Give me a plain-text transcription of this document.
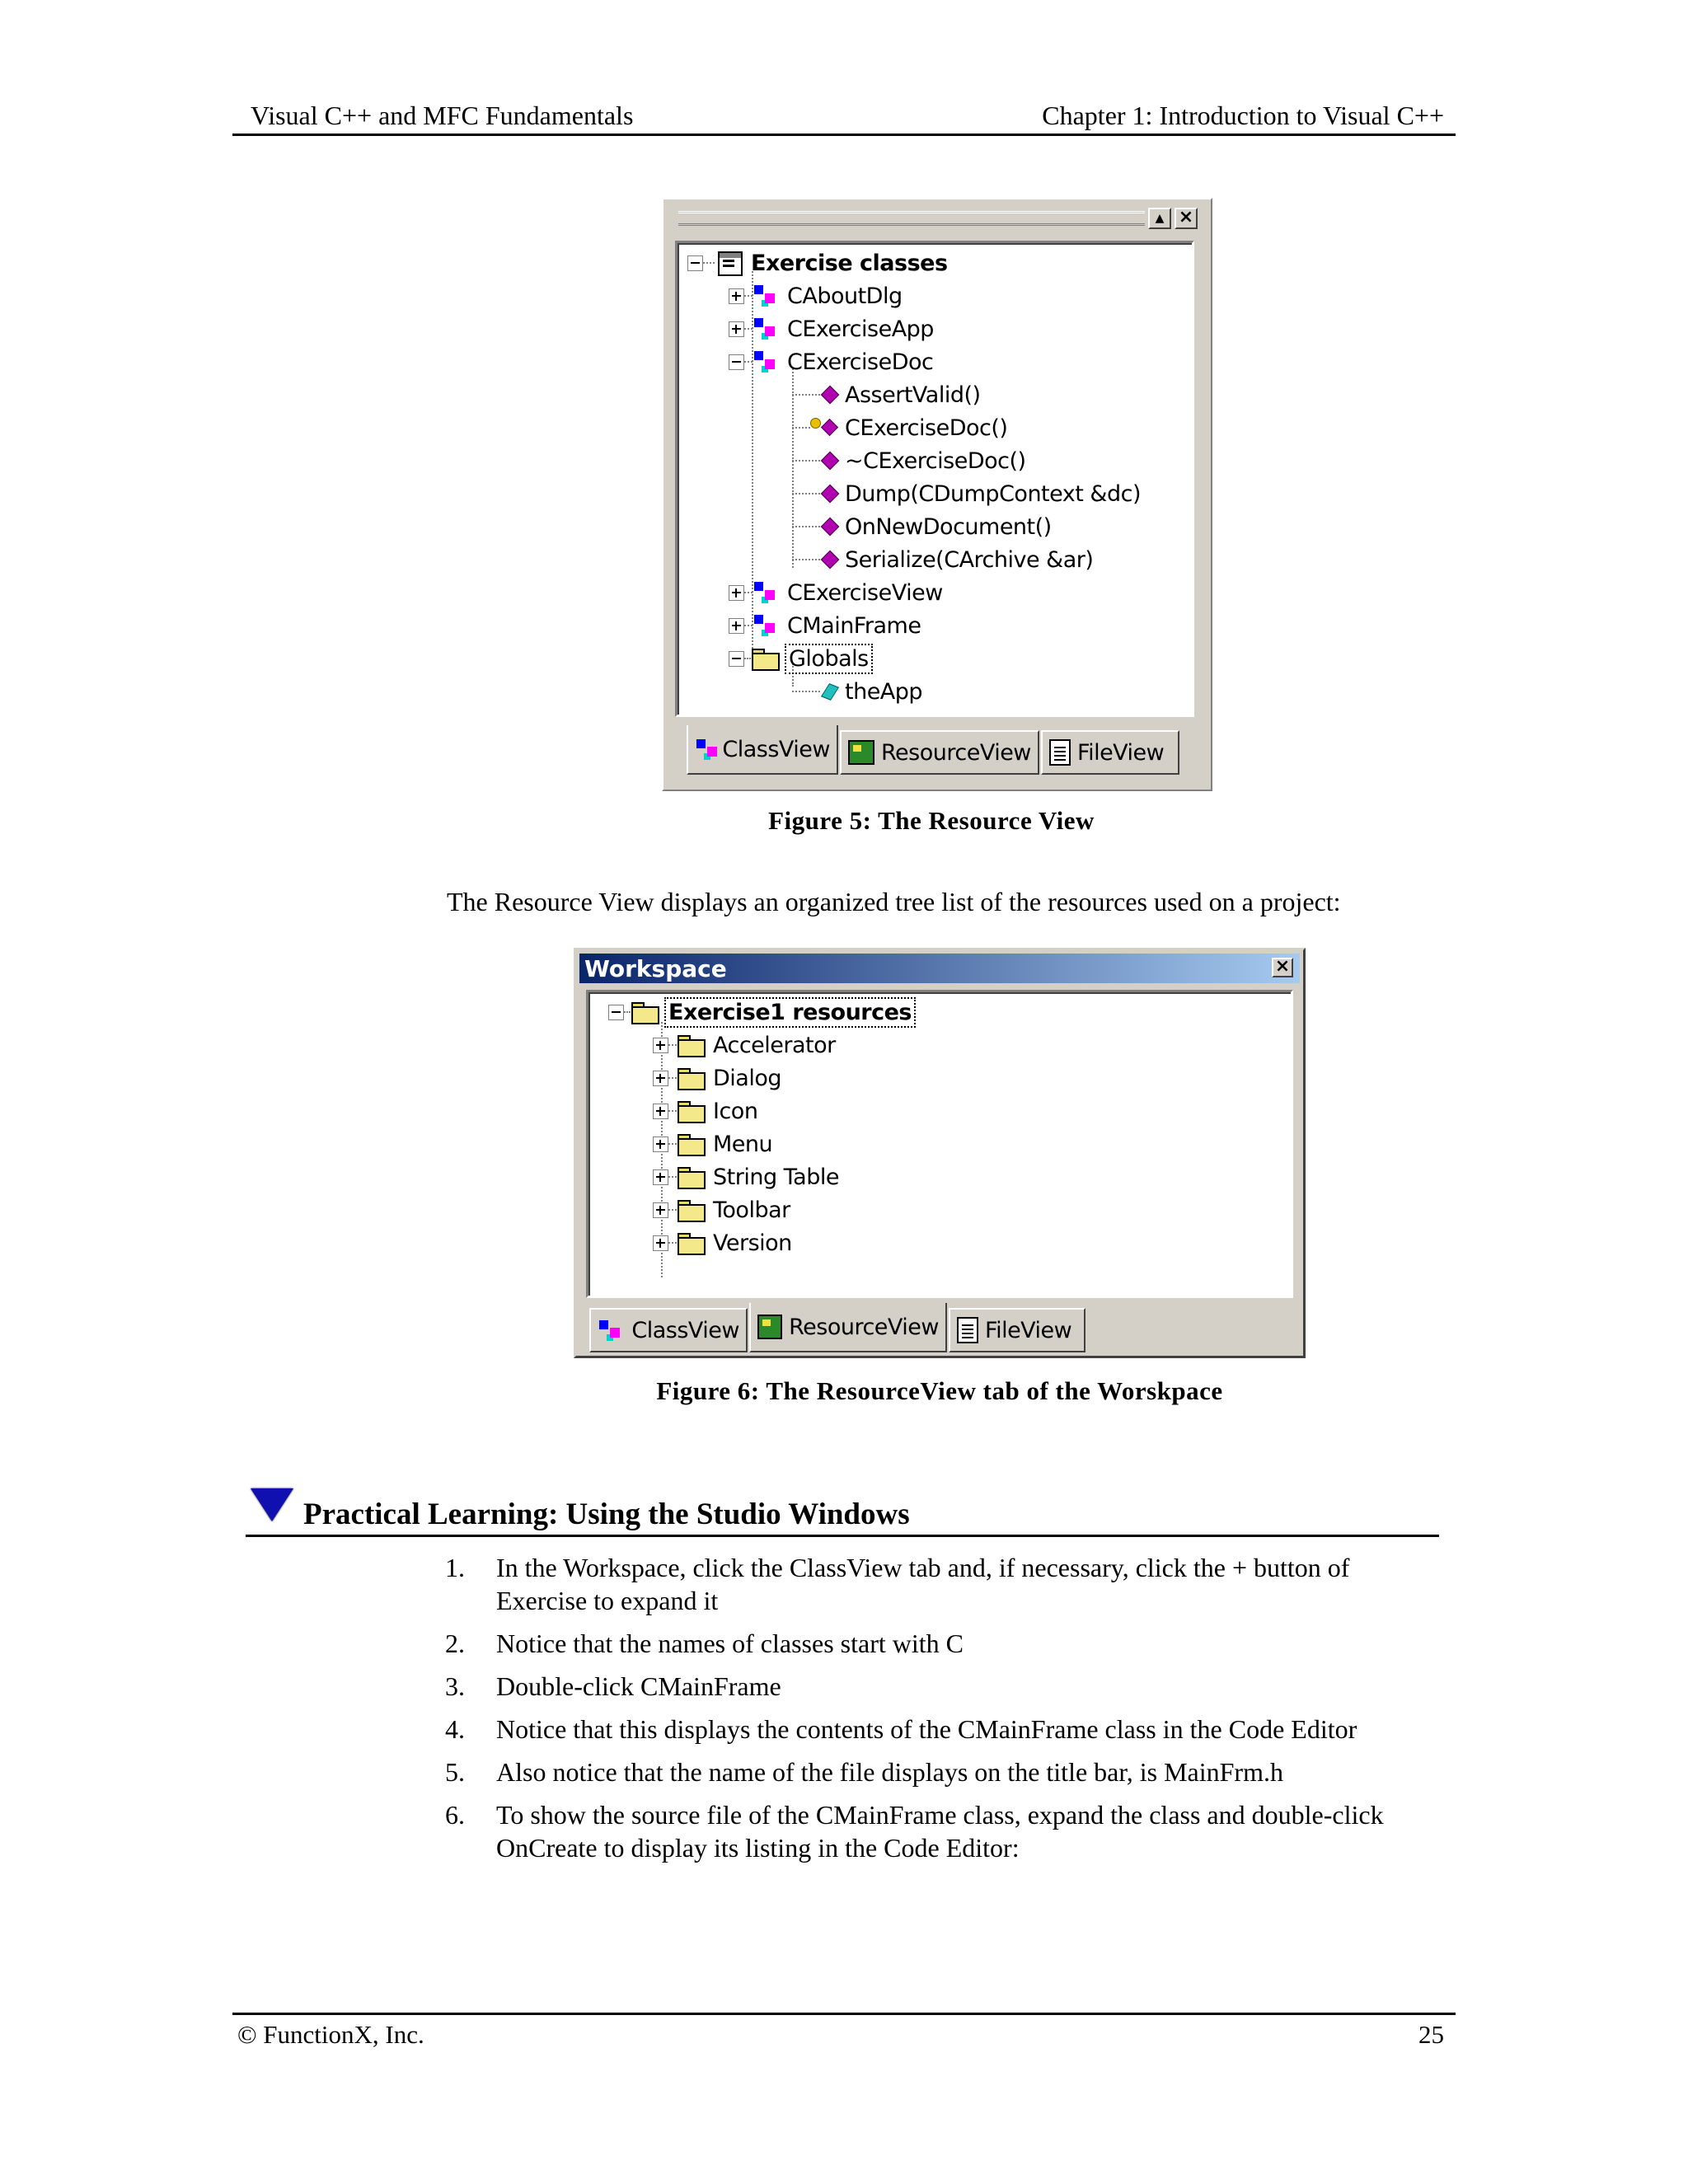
Visual C++ and MFC Fundamentals	Chapter 1: Introduction to Visual C++
▲ ×
Exercise classes
CAboutDlg
CExerciseApp
CExerciseDoc
AssertValid()
CExerciseDoc()
~CExerciseDoc()
Dump(CDumpContext &dc)
OnNewDocument()
Serialize(CArchive &ar)
CExerciseView
CMainFrame
Globals
theApp
ClassView ResourceView FileView
Figure 5: The Resource View
The Resource View displays an organized tree list of the resources used on a project:
Workspace	×
Exercise1 resources
Accelerator
Dialog
Icon
Menu
String Table
Toolbar
Version
ClassView ResourceView FileView
Figure 6: The ResourceView tab of the Worskpace
Practical Learning: Using the Studio Windows
1. In the Workspace, click the ClassView tab and, if necessary, click the + button of Exercise to expand it
2. Notice that the names of classes start with C
3. Double-click CMainFrame
4. Notice that this displays the contents of the CMainFrame class in the Code Editor
5. Also notice that the name of the file displays on the title bar, is MainFrm.h
6. To show the source file of the CMainFrame class, expand the class and double-click OnCreate to display its listing in the Code Editor:
© FunctionX, Inc.	25
